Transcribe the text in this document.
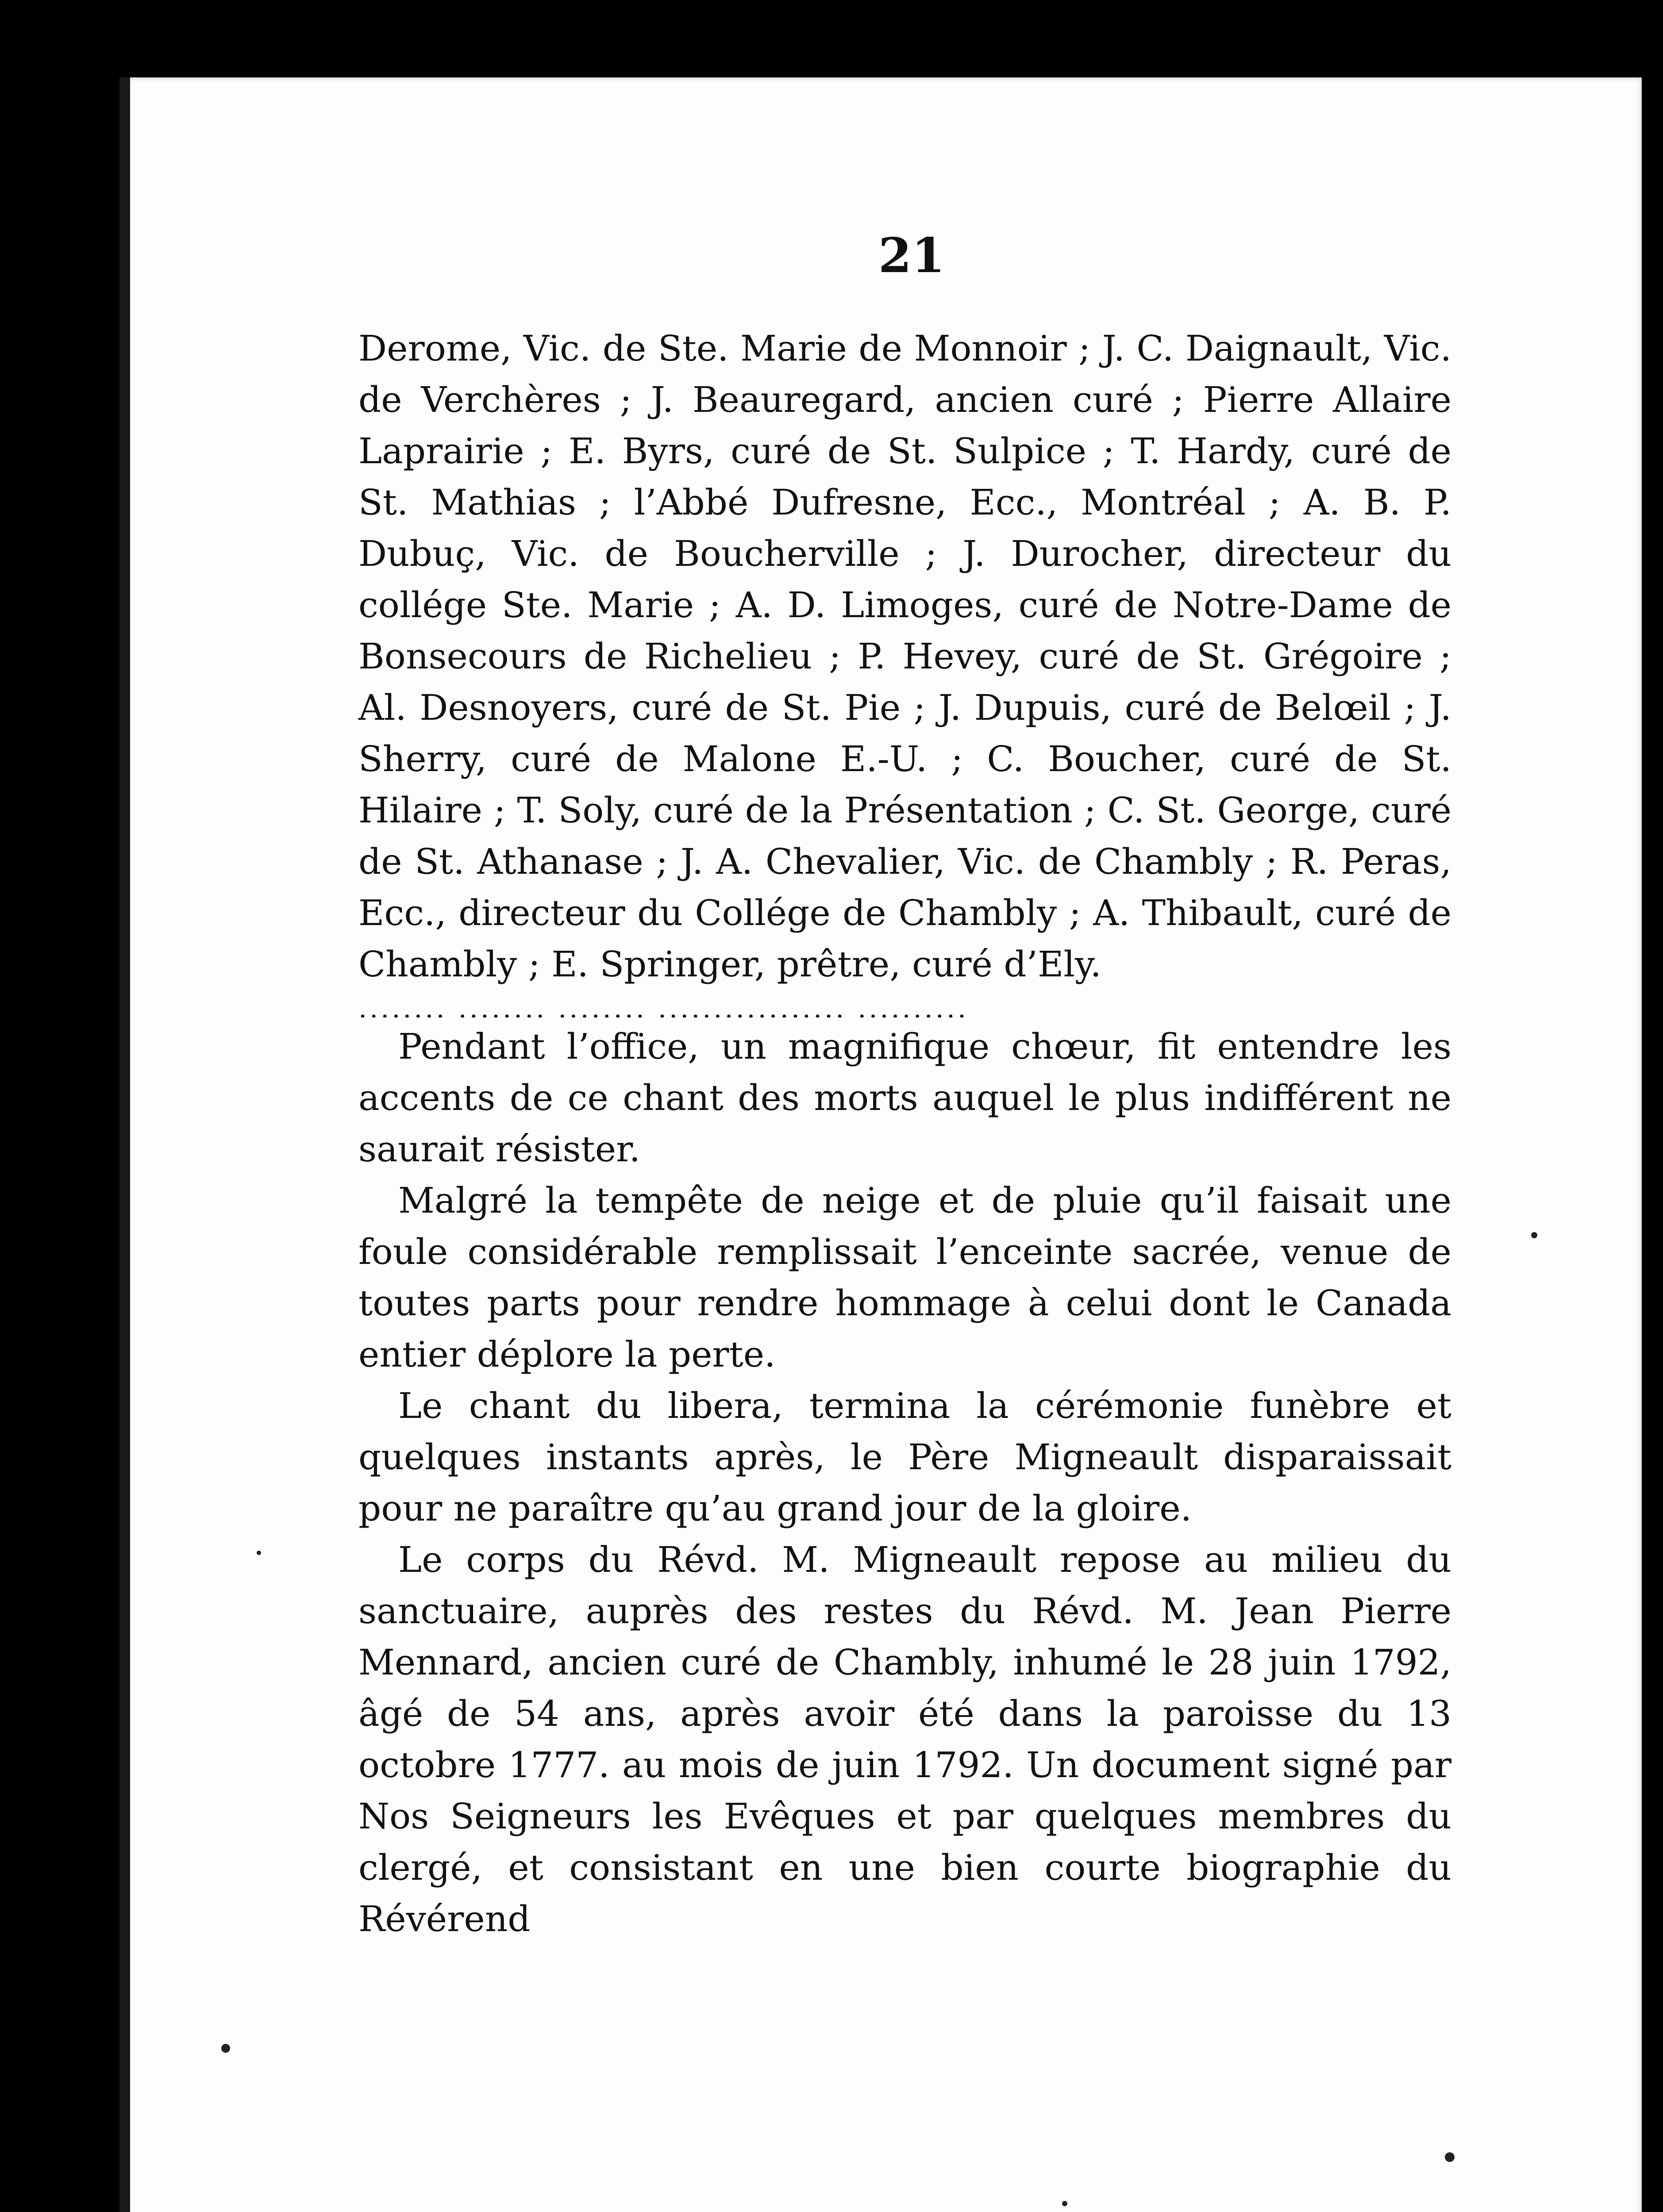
21

Derome, Vic. de Ste. Marie de Monnoir ; J. C. Daignault, Vic. de Verchères ; J. Beauregard, ancien curé ; Pierre Allaire Laprairie ; E. Byrs, curé de St. Sulpice ; T. Hardy, curé de St. Mathias ; l’Abbé Dufresne, Ecc., Montréal ; A. B. P. Dubuç, Vic. de Boucherville ; J. Durocher, directeur du collége Ste. Marie ; A. D. Limoges, curé de Notre-Dame de Bonsecours de Richelieu ; P. Hevey, curé de St. Grégoire ; Al. Desnoyers, curé de St. Pie ; J. Dupuis, curé de Belœil ; J. Sherry, curé de Malone E.-U. ; C. Boucher, curé de St. Hilaire ; T. Soly, curé de la Présentation ; C. St. George, curé de St. Athanase ; J. A. Chevalier, Vic. de Chambly ; R. Peras, Ecc., directeur du Collége de Chambly ; A. Thibault, curé de Chambly ; E. Springer, prêtre, curé d’Ely.

........ ........ ........ ................. ..........

Pendant l’office, un magnifique chœur, fit entendre les accents de ce chant des morts auquel le plus indifférent ne saurait résister.

Malgré la tempête de neige et de pluie qu’il faisait une foule considérable remplissait l’enceinte sacrée, venue de toutes parts pour rendre hommage à celui dont le Canada entier déplore la perte.

Le chant du libera, termina la cérémonie funèbre et quelques instants après, le Père Migneault disparaissait pour ne paraître qu’au grand jour de la gloire.

Le corps du Révd. M. Migneault repose au milieu du sanctuaire, auprès des restes du Révd. M. Jean Pierre Mennard, ancien curé de Chambly, inhumé le 28 juin 1792, âgé de 54 ans, après avoir été dans la paroisse du 13 octobre 1777. au mois de juin 1792. Un document signé par Nos Seigneurs les Evêques et par quelques membres du clergé, et consistant en une bien courte biographie du Révérend
